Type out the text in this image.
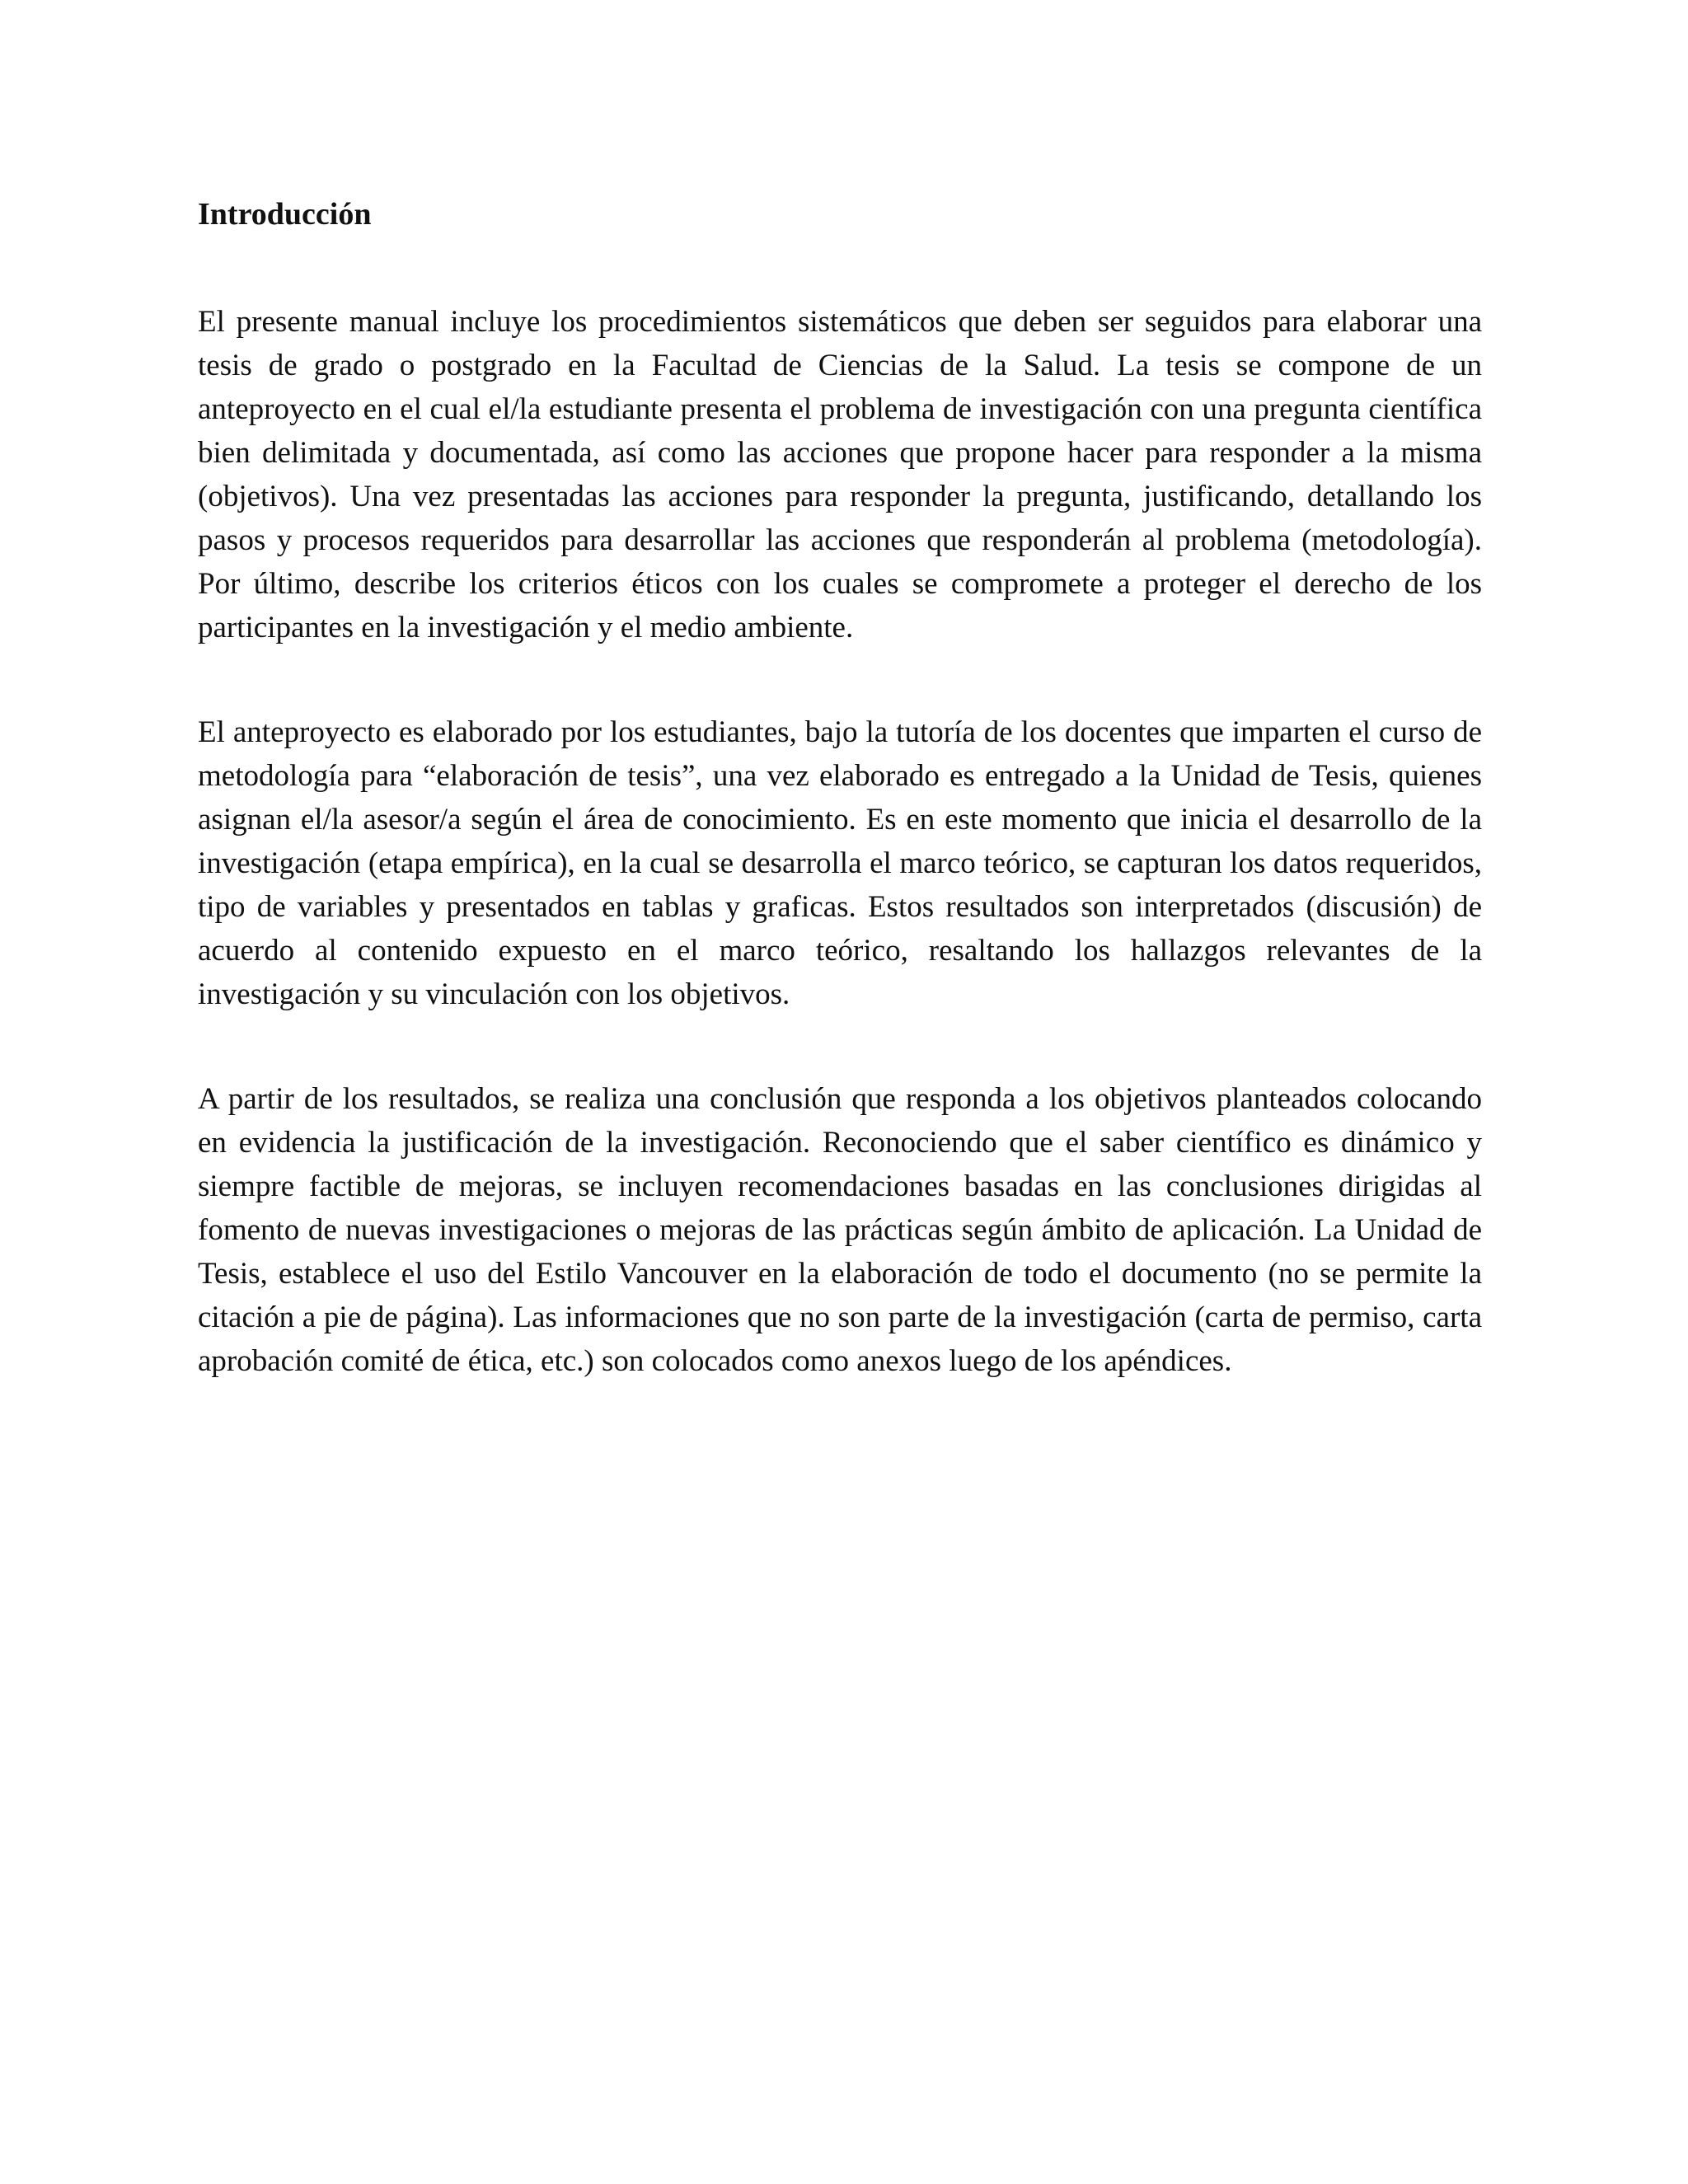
Introducción

El presente manual incluye los procedimientos sistemáticos que deben ser seguidos para elaborar una tesis de grado o postgrado en la Facultad de Ciencias de la Salud. La tesis se compone de un anteproyecto en el cual el/la estudiante presenta el problema de investigación con una pregunta científica bien delimitada y documentada, así como las acciones que propone hacer para responder a la misma (objetivos). Una vez presentadas las acciones para responder la pregunta, justificando, detallando los pasos y procesos requeridos para desarrollar las acciones que responderán al problema (metodología). Por último, describe los criterios éticos con los cuales se compromete a proteger el derecho de los participantes en la investigación y el medio ambiente.

El anteproyecto es elaborado por los estudiantes, bajo la tutoría de los docentes que imparten el curso de metodología para “elaboración de tesis”, una vez elaborado es entregado a la Unidad de Tesis, quienes asignan el/la asesor/a según el área de conocimiento. Es en este momento que inicia el desarrollo de la investigación (etapa empírica), en la cual se desarrolla el marco teórico, se capturan los datos requeridos, tipo de variables y presentados en tablas y graficas. Estos resultados son interpretados (discusión) de acuerdo al contenido expuesto en el marco teórico, resaltando los hallazgos relevantes de la investigación y su vinculación con los objetivos.

A partir de los resultados, se realiza una conclusión que responda a los objetivos planteados colocando en evidencia la justificación de la investigación. Reconociendo que el saber científico es dinámico y siempre factible de mejoras, se incluyen recomendaciones basadas en las conclusiones dirigidas al fomento de nuevas investigaciones o mejoras de las prácticas según ámbito de aplicación. La Unidad de Tesis, establece el uso del Estilo Vancouver en la elaboración de todo el documento (no se permite la citación a pie de página). Las informaciones que no son parte de la investigación (carta de permiso, carta aprobación comité de ética, etc.) son colocados como anexos luego de los apéndices.
